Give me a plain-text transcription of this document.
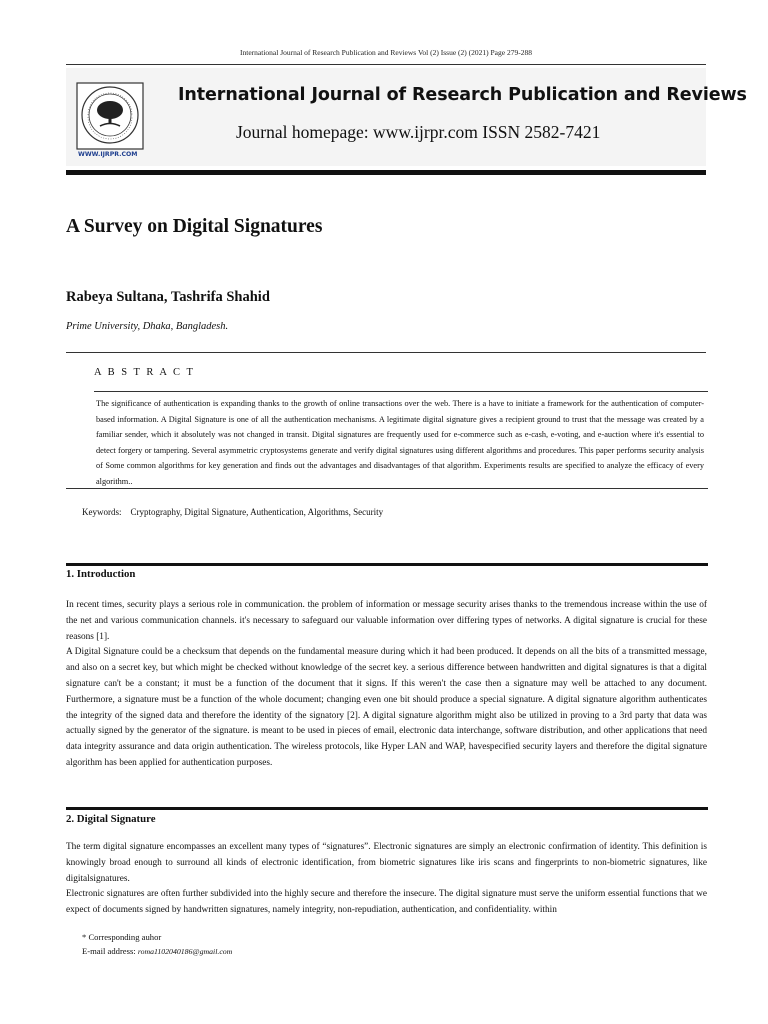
International Journal of Research Publication and Reviews Vol (2) Issue (2) (2021) Page 279-288
WWW.IJRPR.COM
International Journal of Research Publication and Reviews
Journal homepage: www.ijrpr.com ISSN 2582-7421
A Survey on Digital Signatures
Rabeya Sultana, Tashrifa Shahid
Prime University, Dhaka, Bangladesh.
A B S T R A C T
The significance of authentication is expanding thanks to the growth of online transactions over the web. There is a have to initiate a framework for the authentication of computer-based information. A Digital Signature is one of all the authentication mechanisms. A legitimate digital signature gives a recipient ground to trust that the message was created by a familiar sender, which it absolutely was not changed in transit. Digital signatures are frequently used for e-commerce such as e-cash, e-voting, and e-auction where it's essential to detect forgery or tampering. Several asymmetric cryptosystems generate and verify digital signatures using different algorithms and procedures. This paper performs security analysis of Some common algorithms for key generation and finds out the advantages and disadvantages of that algorithm. Experiments results are specified to analyze the efficacy of every algorithm..
Keywords: Cryptography, Digital Signature, Authentication, Algorithms, Security
1. Introduction

In recent times, security plays a serious role in communication. the problem of information or message security arises thanks to the tremendous increase within the use of the net and various communication channels. it's necessary to safeguard our valuable information over differing types of networks. A digital signature is crucial for these reasons [1].

A Digital Signature could be a checksum that depends on the fundamental measure during which it had been produced. It depends on all the bits of a transmitted message, and also on a secret key, but which might be checked without knowledge of the secret key. a serious difference between handwritten and digital signatures is that a digital signature can't be a constant; it must be a function of the document that it signs. If this weren't the case then a signature may well be attached to any document. Furthermore, a signature must be a function of the whole document; changing even one bit should produce a special signature. A digital signature algorithm authenticates the integrity of the signed data and therefore the identity of the signatory [2]. A digital signature algorithm might also be utilized in proving to a 3rd party that data was actually signed by the generator of the signature. is meant to be used in pieces of email, electronic data interchange, software distribution, and other applications that need data integrity assurance and data origin authentication. The wireless protocols, like Hyper LAN and WAP, havespecified security layers and therefore the digital signature algorithm has been applied for authentication purposes.

2. Digital Signature

The term digital signature encompasses an excellent many types of “signatures”. Electronic signatures are simply an electronic confirmation of identity. This definition is knowingly broad enough to surround all kinds of electronic identification, from biometric signatures like iris scans and fingerprints to non-biometric signatures, like digitalsignatures.

Electronic signatures are often further subdivided into the highly secure and therefore the insecure. The digital signature must serve the uniform essential functions that we expect of documents signed by handwritten signatures, namely integrity, non-repudiation, authentication, and confidentiality. within

* Corresponding auhor
E-mail address: roma1102040186@gmail.com
